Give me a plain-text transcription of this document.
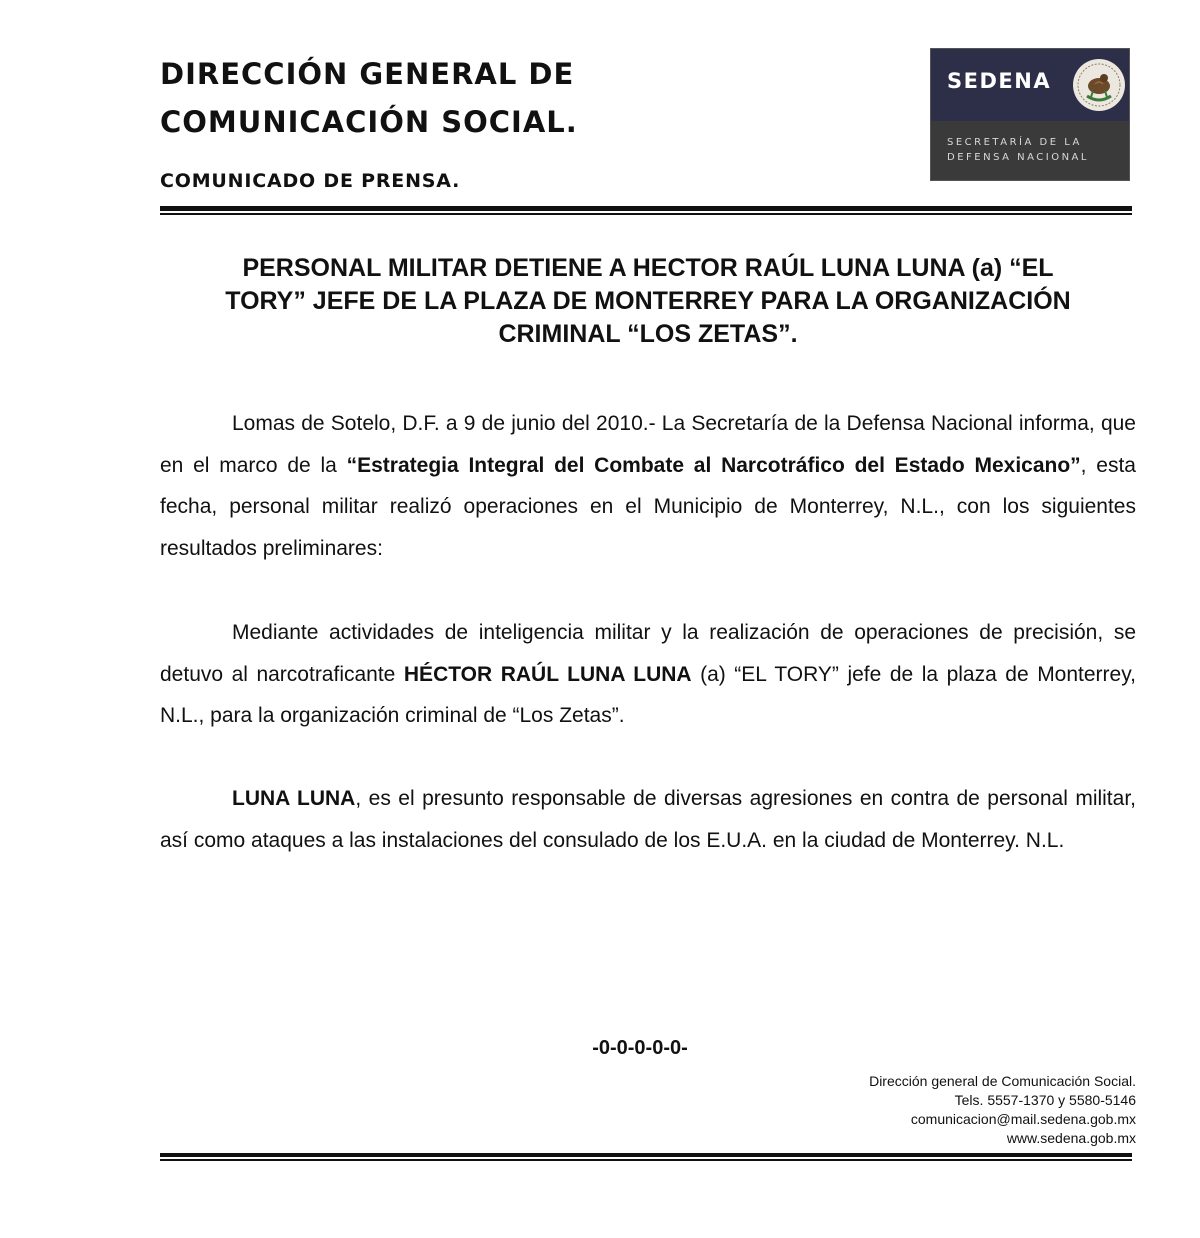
DIRECCIÓN GENERAL DE
COMUNICACIÓN SOCIAL.
COMUNICADO DE PRENSA.
SEDENA
SECRETARÍA DE LA
DEFENSA NACIONAL
PERSONAL MILITAR DETIENE A HECTOR RAÚL LUNA LUNA (a) “EL
TORY” JEFE DE LA PLAZA DE MONTERREY PARA LA ORGANIZACIÓN
CRIMINAL “LOS ZETAS”.

Lomas de Sotelo, D.F. a 9 de junio del 2010.- La Secretaría de la Defensa Nacional informa, que en el marco de la “Estrategia Integral del Combate al Narcotráfico del Estado Mexicano”, esta fecha, personal militar realizó operaciones en el Municipio de Monterrey, N.L., con los siguientes resultados preliminares:

Mediante actividades de inteligencia militar y la realización de operaciones de precisión, se detuvo al narcotraficante HÉCTOR RAÚL LUNA LUNA (a) “EL TORY” jefe de la plaza de Monterrey, N.L., para la organización criminal de “Los Zetas”.

LUNA LUNA, es el presunto responsable de diversas agresiones en contra de personal militar, así como ataques a las instalaciones del consulado de los E.U.A. en la ciudad de Monterrey. N.L.

-0-0-0-0-0-
Dirección general de Comunicación Social.
Tels. 5557-1370 y 5580-5146
comunicacion@mail.sedena.gob.mx
www.sedena.gob.mx
